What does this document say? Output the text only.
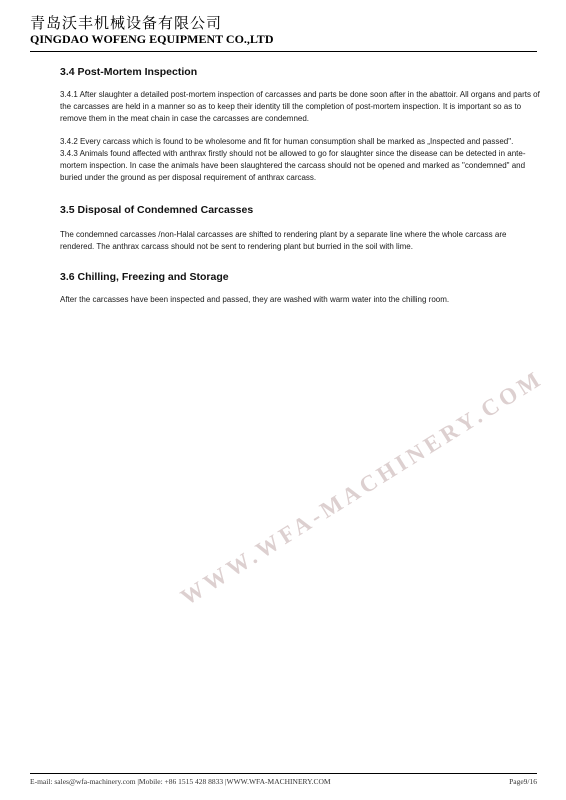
青岛沃丰机械设备有限公司
QINGDAO WOFENG EQUIPMENT CO.,LTD
3.4 Post-Mortem Inspection

3.4.1 After slaughter a detailed post-mortem inspection of carcasses and parts be done soon after in the abattoir. All organs and parts of the carcasses are held in a manner so as to keep their identity till the completion of post-mortem inspection. It is important so as to remove them in the meat chain in case the carcasses are condemned.

3.4.2 Every carcass which is found to be wholesome and fit for human consumption shall be marked as „Inspected and passed".

3.4.3 Animals found affected with anthrax firstly should not be allowed to go for slaughter since the disease can be detected in ante-mortem inspection. In case the animals have been slaughtered the carcass should not be opened and marked as "condemned" and buried under the ground as per disposal requirement of anthrax carcass.

3.5 Disposal of Condemned Carcasses

The condemned carcasses /non-Halal carcasses are shifted to rendering plant by a separate line where the whole carcass are rendered. The anthrax carcass should not be sent to rendering plant but burried in the soil with lime.

3.6 Chilling, Freezing and Storage

After the carcasses have been inspected and passed, they are washed with warm water into the chilling room.

WWW.WFA-MACHINERY.COM
E-mail: sales@wfa-machinery.com |Mobile: +86 1515 428 8833 |WWW.WFA-MACHINERY.COM	Page9/16
